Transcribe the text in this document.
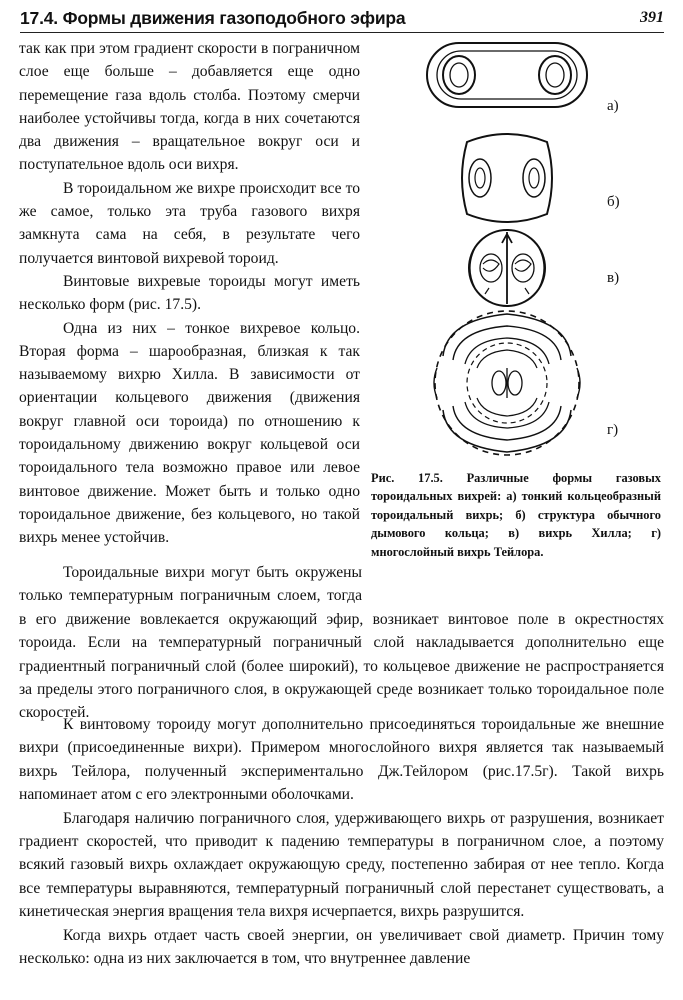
17.4. Формы движения газоподобного эфира	391

так как при этом градиент скорости в пограничном слое еще больше – добавляется еще одно перемещение газа вдоль столба. Поэтому смерчи наиболее устойчивы тогда, когда в них сочетаются два движения – вращательное вокруг оси и поступательное вдоль оси вихря.

В тороидальном же вихре происходит все то же самое, только эта труба газового вихря замкнута сама на себя, в результате чего получается винтовой вихревой тороид.

Винтовые вихревые тороиды могут иметь несколько форм (рис. 17.5).

Одна из них – тонкое вихревое кольцо. Вторая форма – шарообразная, близкая к так называемому вихрю Хилла. В зависимости от ориентации кольцевого движения (движения вокруг главной оси тороида) по отношению к тороидальному движению вокруг кольцевой оси тороидального тела возможно правое или левое винтовое движение. Может быть и только одно тороидальное движение, без кольцевого, но такой вихрь менее устойчив.

а)
б)
в)
г)
Рис. 17.5. Различные формы газовых тороидальных вихрей: а) тонкий кольцеобразный тороидальный вихрь; б) структура обычного дымового кольца; в) вихрь Хилла; г) многослойный вихрь Тейлора.

Тороидальные вихри могут быть окружены только температурным пограничным слоем, тогда в его движение вовлекается окружающий эфир, возникает винтовое поле в окрестностях тороида. Если на температурный пограничный слой накладывается дополнительно еще градиентный пограничный слой (более широкий), то кольцевое движение не распространяется за пределы этого пограничного слоя, в окружающей среде возникает только тороидальное поле скоростей.

К винтовому тороиду могут дополнительно присоединяться тороидальные же внешние вихри (присоединенные вихри). Примером многослойного вихря является так называемый вихрь Тейлора, полученный экспериментально Дж.Тейлором (рис.17.5г). Такой вихрь напоминает атом с его электронными оболочками.

Благодаря наличию пограничного слоя, удерживающего вихрь от разрушения, возникает градиент скоростей, что приводит к падению температуры в пограничном слое, а поэтому всякий газовый вихрь охлаждает окружающую среду, постепенно забирая от нее тепло. Когда все температуры выравняются, температурный пограничный слой перестанет существовать, а кинетическая энергия вращения тела вихря исчерпается, вихрь разрушится.

Когда вихрь отдает часть своей энергии, он увеличивает свой диаметр. Причин тому несколько: одна из них заключается в том, что внутреннее давление
